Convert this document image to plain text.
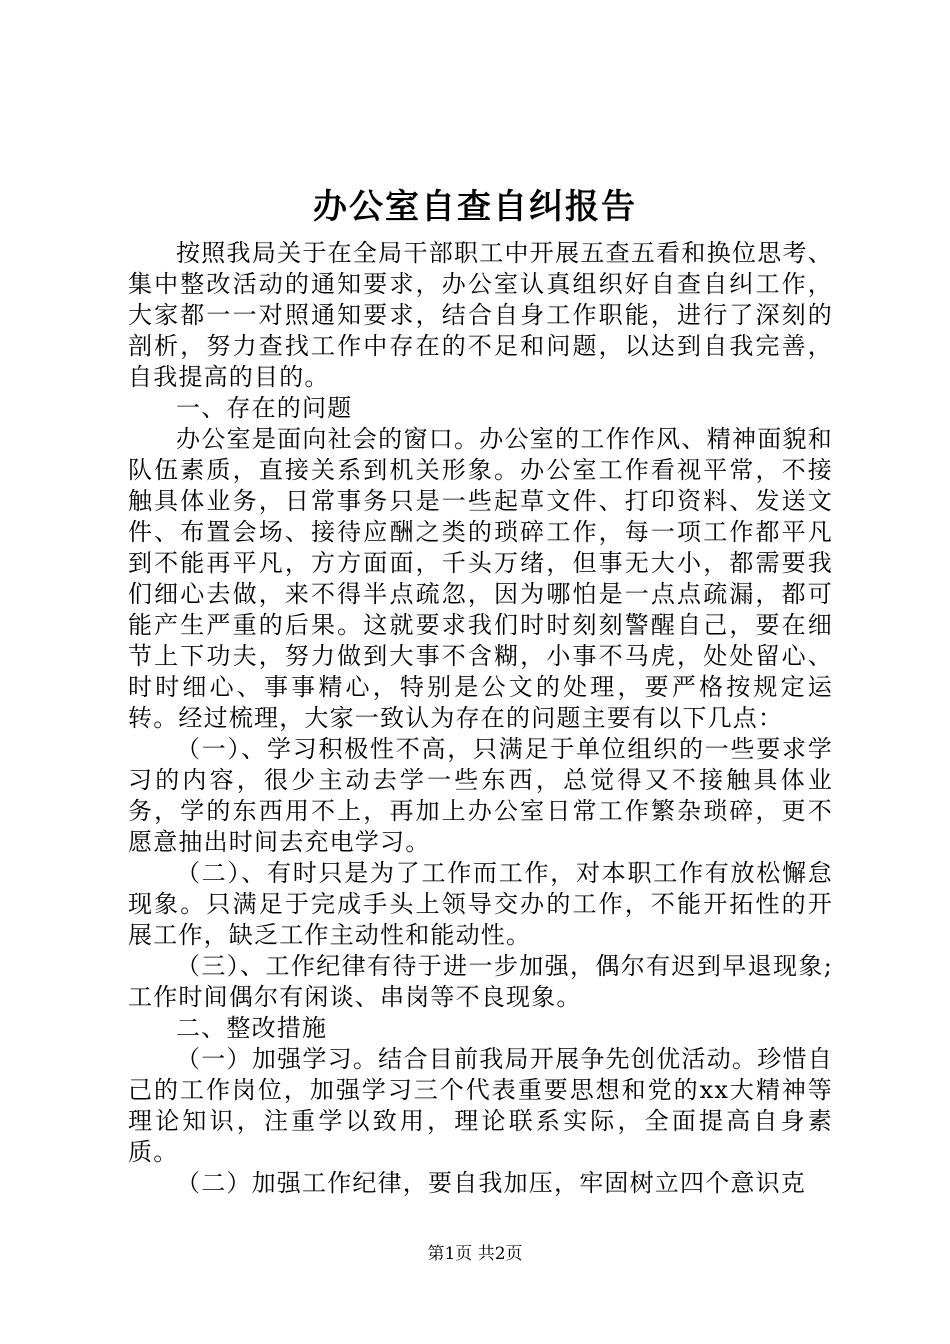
办公室自查自纠报告

按照我局关于在全局干部职工中开展五查五看和换位思考、集中整改活动的通知要求，办公室认真组织好自查自纠工作，大家都一一对照通知要求，结合自身工作职能，进行了深刻的剖析，努力查找工作中存在的不足和问题，以达到自我完善，自我提高的目的。

一、存在的问题

办公室是面向社会的窗口。办公室的工作作风、精神面貌和队伍素质，直接关系到机关形象。办公室工作看视平常，不接触具体业务，日常事务只是一些起草文件、打印资料、发送文件、布置会场、接待应酬之类的琐碎工作，每一项工作都平凡到不能再平凡，方方面面，千头万绪，但事无大小，都需要我们细心去做，来不得半点疏忽，因为哪怕是一点点疏漏，都可能产生严重的后果。这就要求我们时时刻刻警醒自己，要在细节上下功夫，努力做到大事不含糊，小事不马虎，处处留心、时时细心、事事精心，特别是公文的处理，要严格按规定运转。经过梳理，大家一致认为存在的问题主要有以下几点：

（一）、学习积极性不高，只满足于单位组织的一些要求学习的内容，很少主动去学一些东西，总觉得又不接触具体业务，学的东西用不上，再加上办公室日常工作繁杂琐碎，更不愿意抽出时间去充电学习。

（二）、有时只是为了工作而工作，对本职工作有放松懈怠现象。只满足于完成手头上领导交办的工作，不能开拓性的开展工作，缺乏工作主动性和能动性。

（三）、工作纪律有待于进一步加强，偶尔有迟到早退现象;工作时间偶尔有闲谈、串岗等不良现象。

二、整改措施

（一）加强学习。结合目前我局开展争先创优活动。珍惜自己的工作岗位，加强学习三个代表重要思想和党的xx大精神等理论知识，注重学以致用，理论联系实际，全面提高自身素质。

（二）加强工作纪律，要自我加压，牢固树立四个意识克

第1页 共2页
